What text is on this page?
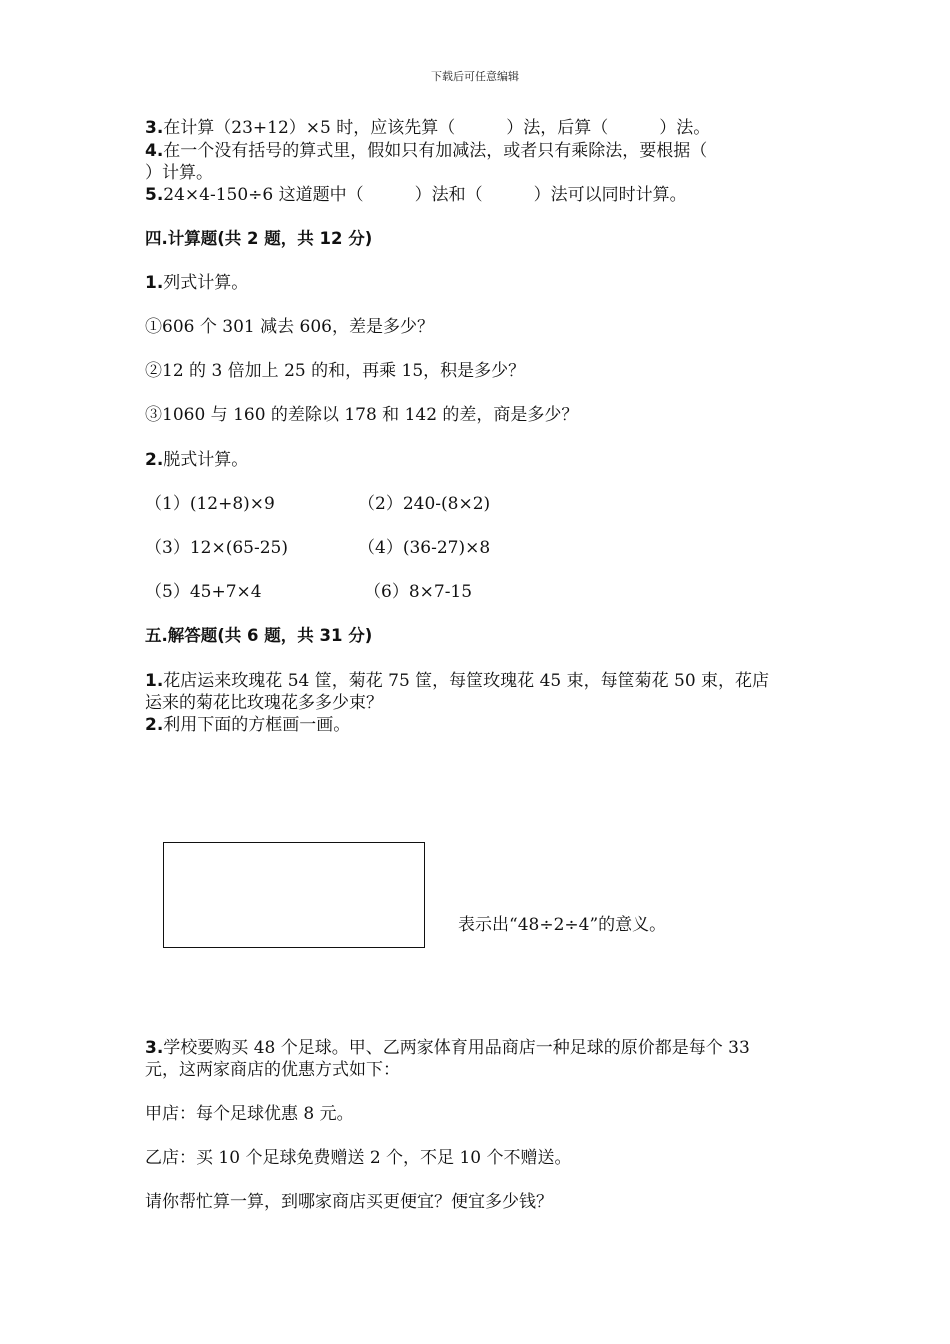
下载后可任意编辑
3.在计算（23+12）×5 时，应该先算（　　　）法，后算（　　　）法。
4.在一个没有括号的算式里，假如只有加减法，或者只有乘除法，要根据（
）计算。
5.24×4-150÷6 这道题中（　　　）法和（　　　）法可以同时计算。
四.计算题(共 2 题，共 12 分)
1.列式计算。
①606 个 301 减去 606，差是多少？
②12 的 3 倍加上 25 的和，再乘 15，积是多少？
③1060 与 160 的差除以 178 和 142 的差，商是多少？
2.脱式计算。
（1）(12+8)×9	（2）240-(8×2)
（3）12×(65-25)	（4）(36-27)×8
（5）45+7×4	（6）8×7-15
五.解答题(共 6 题，共 31 分)
1.花店运来玫瑰花 54 筐，菊花 75 筐，每筐玫瑰花 45 束，每筐菊花 50 束，花店
运来的菊花比玫瑰花多多少束？
2.利用下面的方框画一画。
表示出“48÷2÷4”的意义。
3.学校要购买 48 个足球。甲、乙两家体育用品商店一种足球的原价都是每个 33
元，这两家商店的优惠方式如下：
甲店：每个足球优惠 8 元。
乙店：买 10 个足球免费赠送 2 个，不足 10 个不赠送。
请你帮忙算一算，到哪家商店买更便宜？便宜多少钱？
